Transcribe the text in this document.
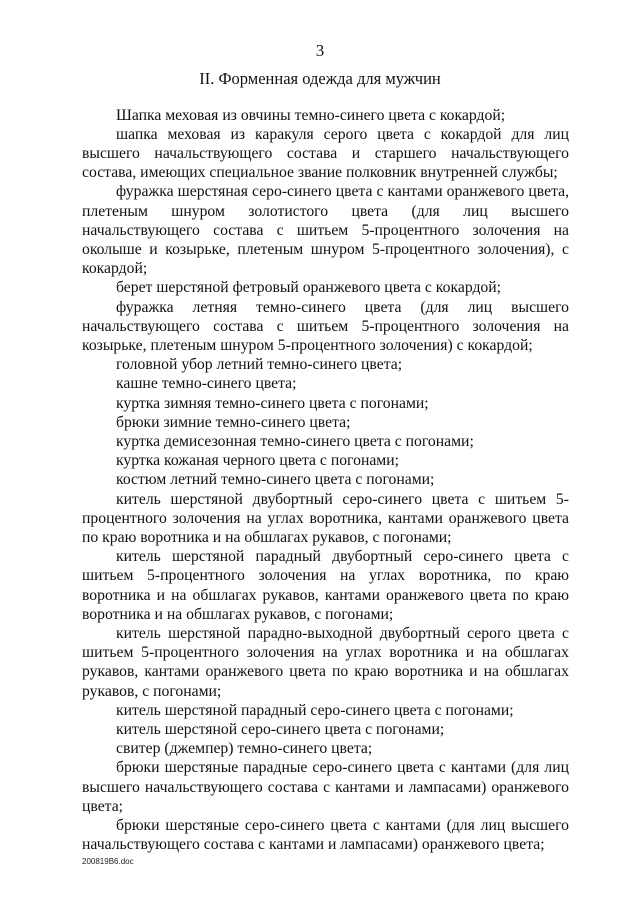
3
II. Форменная одежда для мужчин

Шапка меховая из овчины темно-синего цвета с кокардой;

шапка меховая из каракуля серого цвета с кокардой для лиц высшего начальствующего состава и старшего начальствующего состава, имеющих специальное звание полковник внутренней службы;

фуражка шерстяная серо-синего цвета с кантами оранжевого цвета, плетеным шнуром золотистого цвета (для лиц высшего начальствующего состава с шитьем 5-процентного золочения на околыше и козырьке, плетеным шнуром 5-процентного золочения), с кокардой;

берет шерстяной фетровый оранжевого цвета с кокардой;

фуражка летняя темно-синего цвета (для лиц высшего начальствующего состава с шитьем 5-процентного золочения на козырьке, плетеным шнуром 5-процентного золочения) с кокардой;

головной убор летний темно-синего цвета;

кашне темно-синего цвета;

куртка зимняя темно-синего цвета с погонами;

брюки зимние темно-синего цвета;

куртка демисезонная темно-синего цвета с погонами;

куртка кожаная черного цвета с погонами;

костюм летний темно-синего цвета с погонами;

китель шерстяной двубортный серо-синего цвета с шитьем 5-процентного золочения на углах воротника, кантами оранжевого цвета по краю воротника и на обшлагах рукавов, с погонами;

китель шерстяной парадный двубортный серо-синего цвета с шитьем 5-процентного золочения на углах воротника, по краю воротника и на обшлагах рукавов, кантами оранжевого цвета по краю воротника и на обшлагах рукавов, с погонами;

китель шерстяной парадно-выходной двубортный серого цвета с шитьем 5-процентного золочения на углах воротника и на обшлагах рукавов, кантами оранжевого цвета по краю воротника и на обшлагах рукавов, с погонами;

китель шерстяной парадный серо-синего цвета с погонами;

китель шерстяной серо-синего цвета с погонами;

свитер (джемпер) темно-синего цвета;

брюки шерстяные парадные серо-синего цвета с кантами (для лиц высшего начальствующего состава с кантами и лампасами) оранжевого цвета;

брюки шерстяные серо-синего цвета с кантами (для лиц высшего начальствующего состава с кантами и лампасами) оранжевого цвета;

200819B6.doc
